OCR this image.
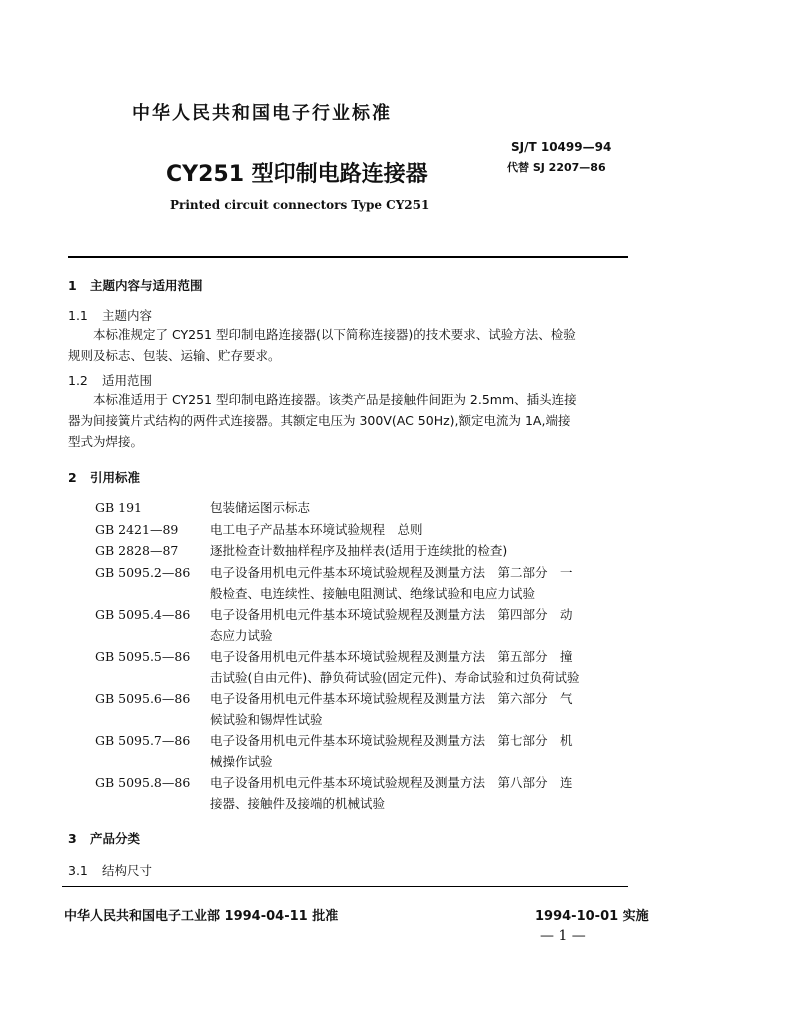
中华人民共和国电子行业标准
SJ/T 10499—94
代替 SJ 2207—86
CY251 型印制电路连接器
Printed circuit connectors Type CY251
1 主题内容与适用范围
1.1 主题内容

本标准规定了 CY251 型印制电路连接器(以下简称连接器)的技术要求、试验方法、检验

规则及标志、包装、运输、贮存要求。

1.2 适用范围

本标准适用于 CY251 型印制电路连接器。该类产品是接触件间距为 2.5mm、插头连接

器为间接簧片式结构的两件式连接器。其额定电压为 300V(AC 50Hz),额定电流为 1A,端接

型式为焊接。

2 引用标准
GB 191	包装储运图示标志
GB 2421—89	电工电子产品基本环境试验规程　总则
GB 2828—87	逐批检查计数抽样程序及抽样表(适用于连续批的检查)
GB 5095.2—86 电子设备用机电元件基本环境试验规程及测量方法　第二部分　一
般检查、电连续性、接触电阻测试、绝缘试验和电应力试验
GB 5095.4—86 电子设备用机电元件基本环境试验规程及测量方法　第四部分　动
态应力试验
GB 5095.5—86 电子设备用机电元件基本环境试验规程及测量方法　第五部分　撞
击试验(自由元件)、静负荷试验(固定元件)、寿命试验和过负荷试验
GB 5095.6—86 电子设备用机电元件基本环境试验规程及测量方法　第六部分　气
候试验和锡焊性试验
GB 5095.7—86 电子设备用机电元件基本环境试验规程及测量方法　第七部分　机
械操作试验
GB 5095.8—86 电子设备用机电元件基本环境试验规程及测量方法　第八部分　连
接器、接触件及接端的机械试验
3 产品分类
3.1 结构尺寸
中华人民共和国电子工业部 1994-04-11 批准	1994-10-01 实施
— 1 —
